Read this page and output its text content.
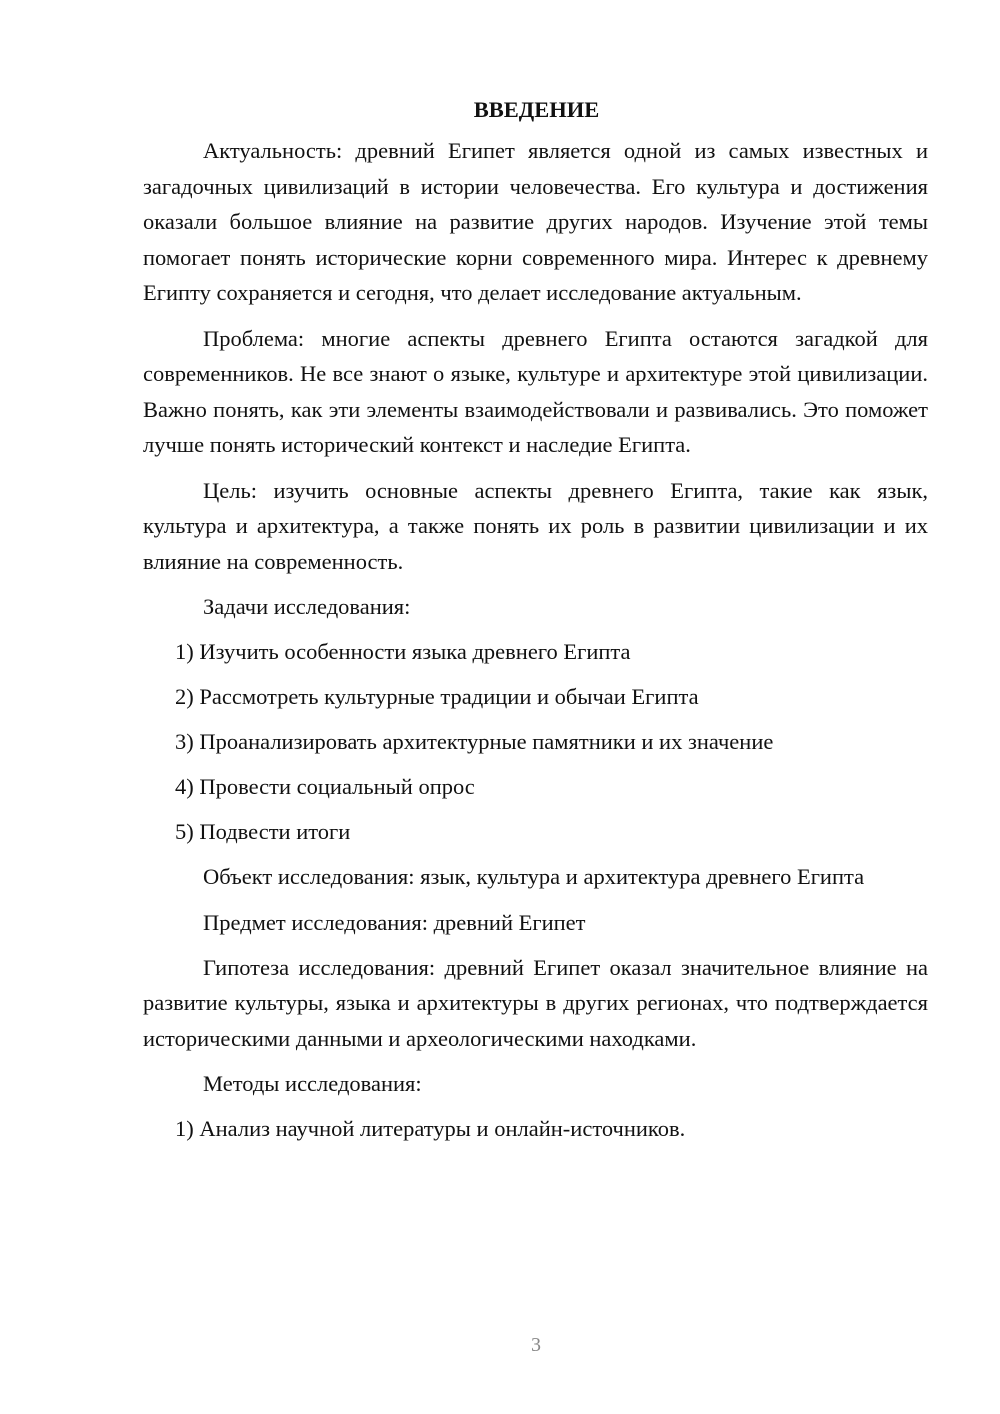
ВВЕДЕНИЕ

Актуальность: древний Египет является одной из самых известных и загадочных цивилизаций в истории человечества. Его культура и достижения оказали большое влияние на развитие других народов. Изучение этой темы помогает понять исторические корни современного мира. Интерес к древнему Египту сохраняется и сегодня, что делает исследование актуальным.

Проблема: многие аспекты древнего Египта остаются загадкой для современников. Не все знают о языке, культуре и архитектуре этой цивилизации. Важно понять, как эти элементы взаимодействовали и развивались. Это поможет лучше понять исторический контекст и наследие Египта.

Цель: изучить основные аспекты древнего Египта, такие как язык, культура и архитектура, а также понять их роль в развитии цивилизации и их влияние на современность.

Задачи исследования:

1) Изучить особенности языка древнего Египта

2) Рассмотреть культурные традиции и обычаи Египта

3) Проанализировать архитектурные памятники и их значение

4) Провести социальный опрос

5) Подвести итоги

Объект исследования: язык, культура и архитектура древнего Египта

Предмет исследования: древний Египет

Гипотеза исследования: древний Египет оказал значительное влияние на развитие культуры, языка и архитектуры в других регионах, что подтверждается историческими данными и археологическими находками.

Методы исследования:

1) Анализ научной литературы и онлайн-источников.

3
